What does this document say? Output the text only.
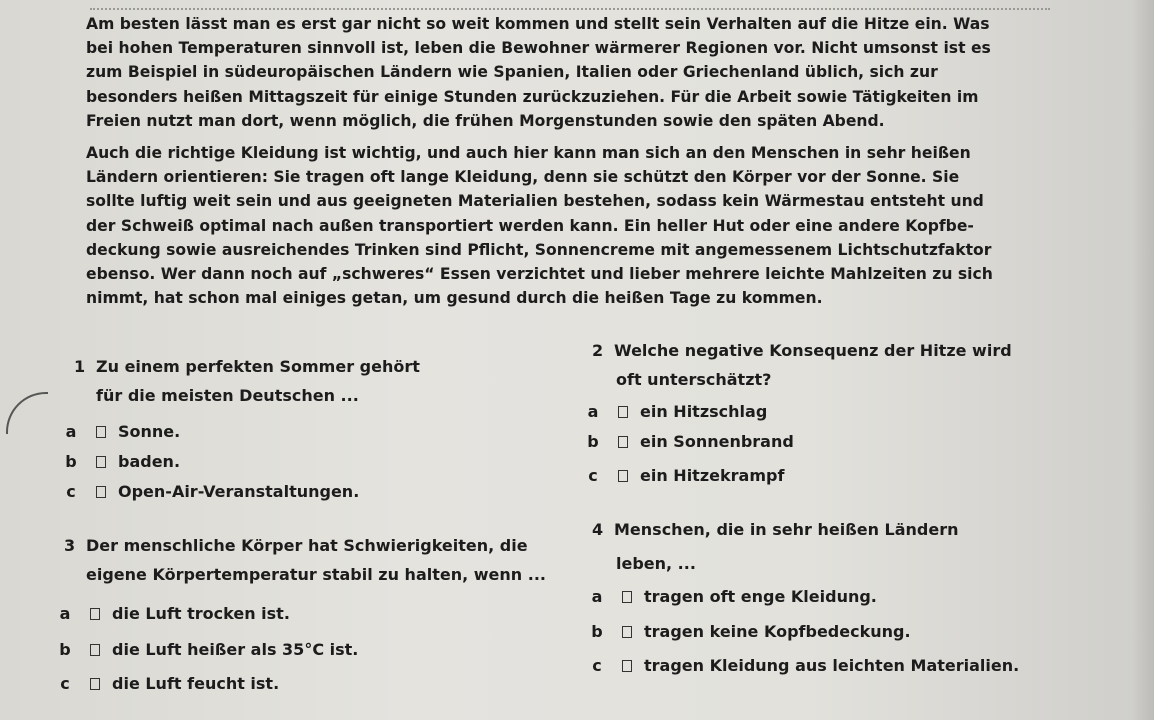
Am besten lässt man es erst gar nicht so weit kommen und stellt sein Verhalten auf die Hitze ein. Was

bei hohen Temperaturen sinnvoll ist, leben die Bewohner wärmerer Regionen vor. Nicht umsonst ist es

zum Beispiel in südeuropäischen Ländern wie Spanien, Italien oder Griechenland üblich, sich zur

besonders heißen Mittagszeit für einige Stunden zurückzuziehen. Für die Arbeit sowie Tätigkeiten im

Freien nutzt man dort, wenn möglich, die frühen Morgenstunden sowie den späten Abend.

Auch die richtige Kleidung ist wichtig, und auch hier kann man sich an den Menschen in sehr heißen

Ländern orientieren: Sie tragen oft lange Kleidung, denn sie schützt den Körper vor der Sonne. Sie

sollte luftig weit sein und aus geeigneten Materialien bestehen, sodass kein Wärmestau entsteht und

der Schweiß optimal nach außen transportiert werden kann. Ein heller Hut oder eine andere Kopfbe-

deckung sowie ausreichendes Trinken sind Pflicht, Sonnencreme mit angemessenem Lichtschutzfaktor

ebenso. Wer dann noch auf „schweres“ Essen verzichtet und lieber mehrere leichte Mahlzeiten zu sich

nimmt, hat schon mal einiges getan, um gesund durch die heißen Tage zu kommen.

1 Zu einem perfekten Sommer gehört
für die meisten Deutschen ...
a	Sonne.
b	baden.
c	Open-Air-Veranstaltungen.
2 Welche negative Konsequenz der Hitze wird
oft unterschätzt?
a	ein Hitzschlag
b	ein Sonnenbrand
c	ein Hitzekrampf
3 Der menschliche Körper hat Schwierigkeiten, die
eigene Körpertemperatur stabil zu halten, wenn ...
a	die Luft trocken ist.
b	die Luft heißer als 35°C ist.
c	die Luft feucht ist.
4 Menschen, die in sehr heißen Ländern
leben, ...
a	tragen oft enge Kleidung.
b	tragen keine Kopfbedeckung.
c	tragen Kleidung aus leichten Materialien.
